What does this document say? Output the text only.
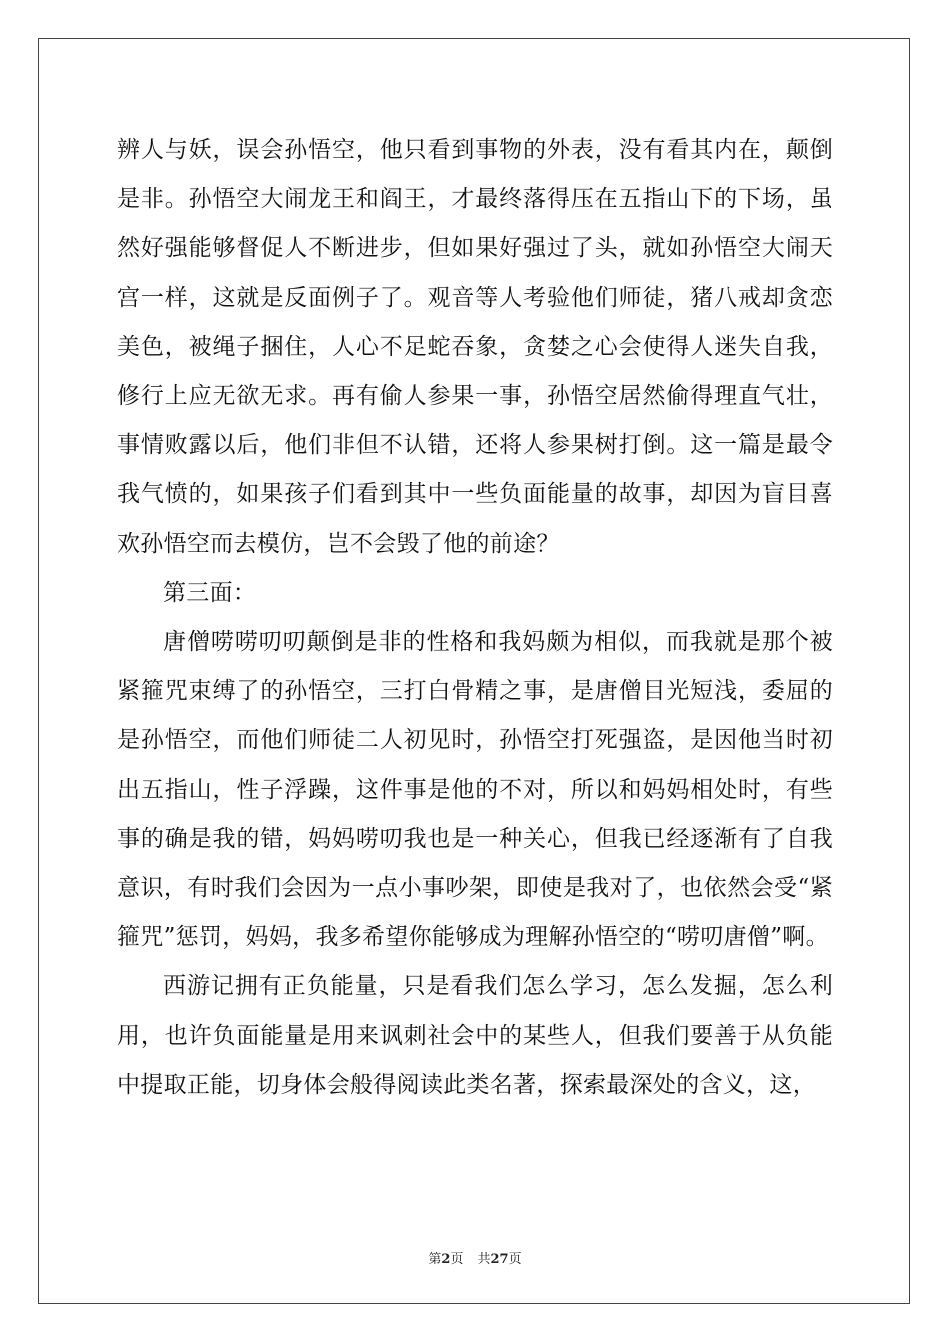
辨人与妖，误会孙悟空，他只看到事物的外表，没有看其内在，颠倒是非。孙悟空大闹龙王和阎王，才最终落得压在五指山下的下场，虽然好强能够督促人不断进步，但如果好强过了头，就如孙悟空大闹天宫一样，这就是反面例子了。观音等人考验他们师徒，猪八戒却贪恋美色，被绳子捆住，人心不足蛇吞象，贪婪之心会使得人迷失自我，修行上应无欲无求。再有偷人参果一事，孙悟空居然偷得理直气壮，事情败露以后，他们非但不认错，还将人参果树打倒。这一篇是最令我气愤的，如果孩子们看到其中一些负面能量的故事，却因为盲目喜欢孙悟空而去模仿，岂不会毁了他的前途？

第三面：

唐僧唠唠叨叨颠倒是非的性格和我妈颇为相似，而我就是那个被紧箍咒束缚了的孙悟空，三打白骨精之事，是唐僧目光短浅，委屈的是孙悟空，而他们师徒二人初见时，孙悟空打死强盗，是因他当时初出五指山，性子浮躁，这件事是他的不对，所以和妈妈相处时，有些事的确是我的错，妈妈唠叨我也是一种关心，但我已经逐渐有了自我意识，有时我们会因为一点小事吵架，即使是我对了，也依然会受“紧箍咒”惩罚，妈妈，我多希望你能够成为理解孙悟空的“唠叨唐僧”啊。

西游记拥有正负能量，只是看我们怎么学习，怎么发掘，怎么利用，也许负面能量是用来讽刺社会中的某些人，但我们要善于从负能中提取正能，切身体会般得阅读此类名著，探索最深处的含义，这，

第2页 共27页
